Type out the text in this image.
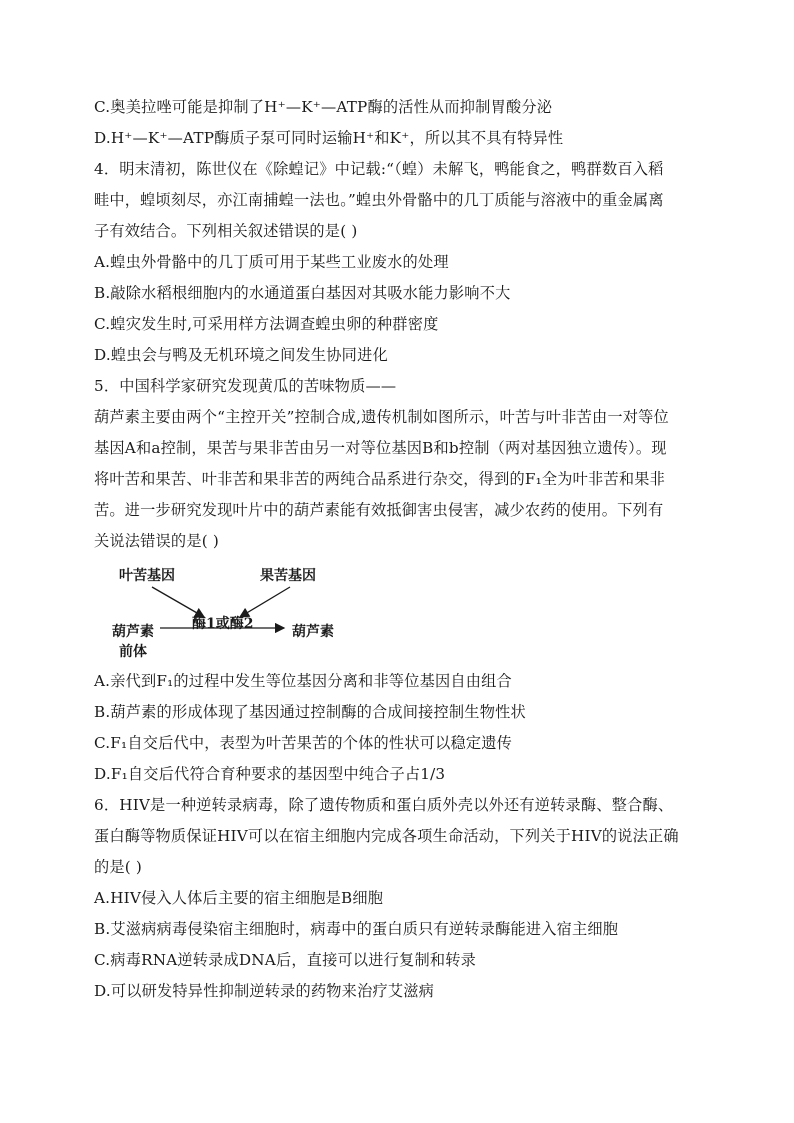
C.奥美拉唑可能是抑制了H⁺—K⁺—ATP酶的活性从而抑制胃酸分泌
D.H⁺—K⁺—ATP酶质子泵可同时运输H⁺和K⁺，所以其不具有特异性
4．明末清初，陈世仪在《除蝗记》中记载:“（蝗）未解飞，鸭能食之，鸭群数百入稻
畦中，蝗顷刻尽，亦江南捕蝗一法也。”蝗虫外骨骼中的几丁质能与溶液中的重金属离
子有效结合。下列相关叙述错误的是( )
A.蝗虫外骨骼中的几丁质可用于某些工业废水的处理
B.敲除水稻根细胞内的水通道蛋白基因对其吸水能力影响不大
C.蝗灾发生时,可采用样方法调查蝗虫卵的种群密度
D.蝗虫会与鸭及无机环境之间发生协同进化
5．中国科学家研究发现黄瓜的苦味物质——
葫芦素主要由两个“主控开关”控制合成,遗传机制如图所示，叶苦与叶非苦由一对等位
基因A和a控制，果苦与果非苦由另一对等位基因B和b控制（两对基因独立遗传）。现
将叶苦和果苦、叶非苦和果非苦的两纯合品系进行杂交，得到的F₁全为叶非苦和果非
苦。进一步研究发现叶片中的葫芦素能有效抵御害虫侵害，减少农药的使用。下列有
关说法错误的是( )
叶苦基因	果苦基因
酶1或酶2
葫芦素
前体
葫芦素
A.亲代到F₁的过程中发生等位基因分离和非等位基因自由组合
B.葫芦素的形成体现了基因通过控制酶的合成间接控制生物性状
C.F₁自交后代中，表型为叶苦果苦的个体的性状可以稳定遗传
D.F₁自交后代符合育种要求的基因型中纯合子占1/3
6．HIV是一种逆转录病毒，除了遗传物质和蛋白质外壳以外还有逆转录酶、整合酶、
蛋白酶等物质保证HIV可以在宿主细胞内完成各项生命活动，下列关于HIV的说法正确
的是( )
A.HIV侵入人体后主要的宿主细胞是B细胞
B.艾滋病病毒侵染宿主细胞时，病毒中的蛋白质只有逆转录酶能进入宿主细胞
C.病毒RNA逆转录成DNA后，直接可以进行复制和转录
D.可以研发特异性抑制逆转录的药物来治疗艾滋病
